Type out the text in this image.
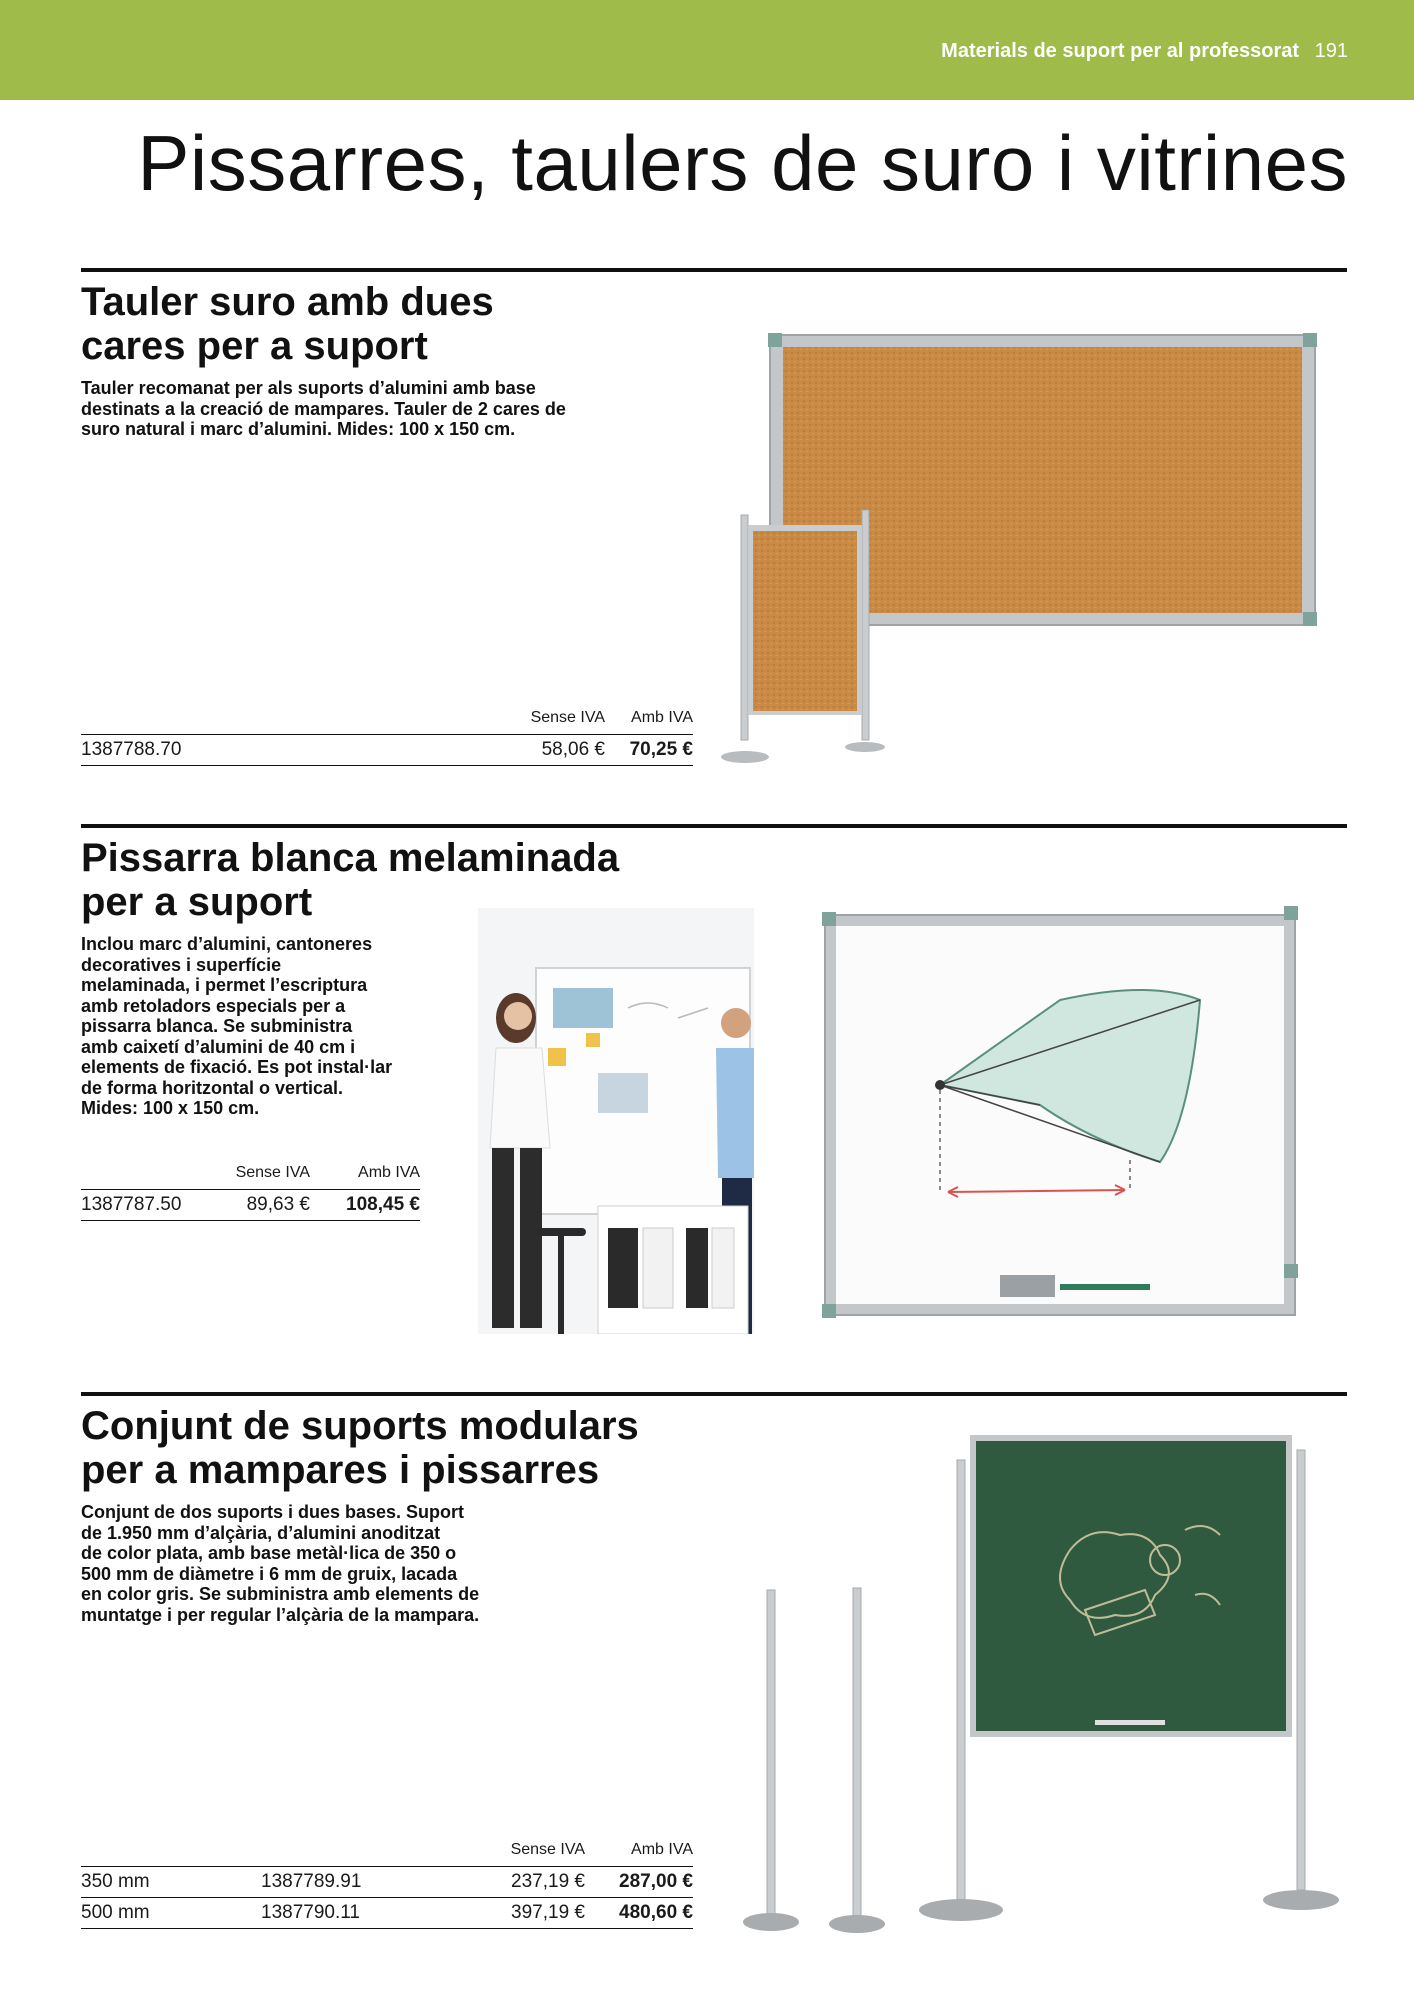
Materials de suport per al professorat 191
Pissarres, taulers de suro i vitrines
Tauler suro amb dues
cares per a suport

Tauler recomanat per als suports d’alumini amb base
destinats a la creació de mampares. Tauler de 2 cares de
suro natural i marc d’alumini. Mides: 100 x 150 cm.

	Sense IVA	Amb IVA
1387788.70	58,06 €	70,25 €
Pissarra blanca melaminada
per a suport

Inclou marc d’alumini, cantoneres
decoratives i superfície
melaminada, i permet l’escriptura
amb retoladors especials per a
pissarra blanca. Se subministra
amb caixetí d’alumini de 40 cm i
elements de fixació. Es pot instal·lar
de forma horitzontal o vertical.
Mides: 100 x 150 cm.

	Sense IVA	Amb IVA
1387787.50	89,63 €	108,45 €
Conjunt de suports modulars
per a mampares i pissarres

Conjunt de dos suports i dues bases. Suport
de 1.950 mm d’alçària, d’alumini anoditzat
de color plata, amb base metàl·lica de 350 o
500 mm de diàmetre i 6 mm de gruix, lacada
en color gris. Se subministra amb elements de
muntatge i per regular l’alçària de la mampara.

		Sense IVA	Amb IVA
350 mm	1387789.91	237,19 €	287,00 €
500 mm	1387790.11	397,19 €	480,60 €
